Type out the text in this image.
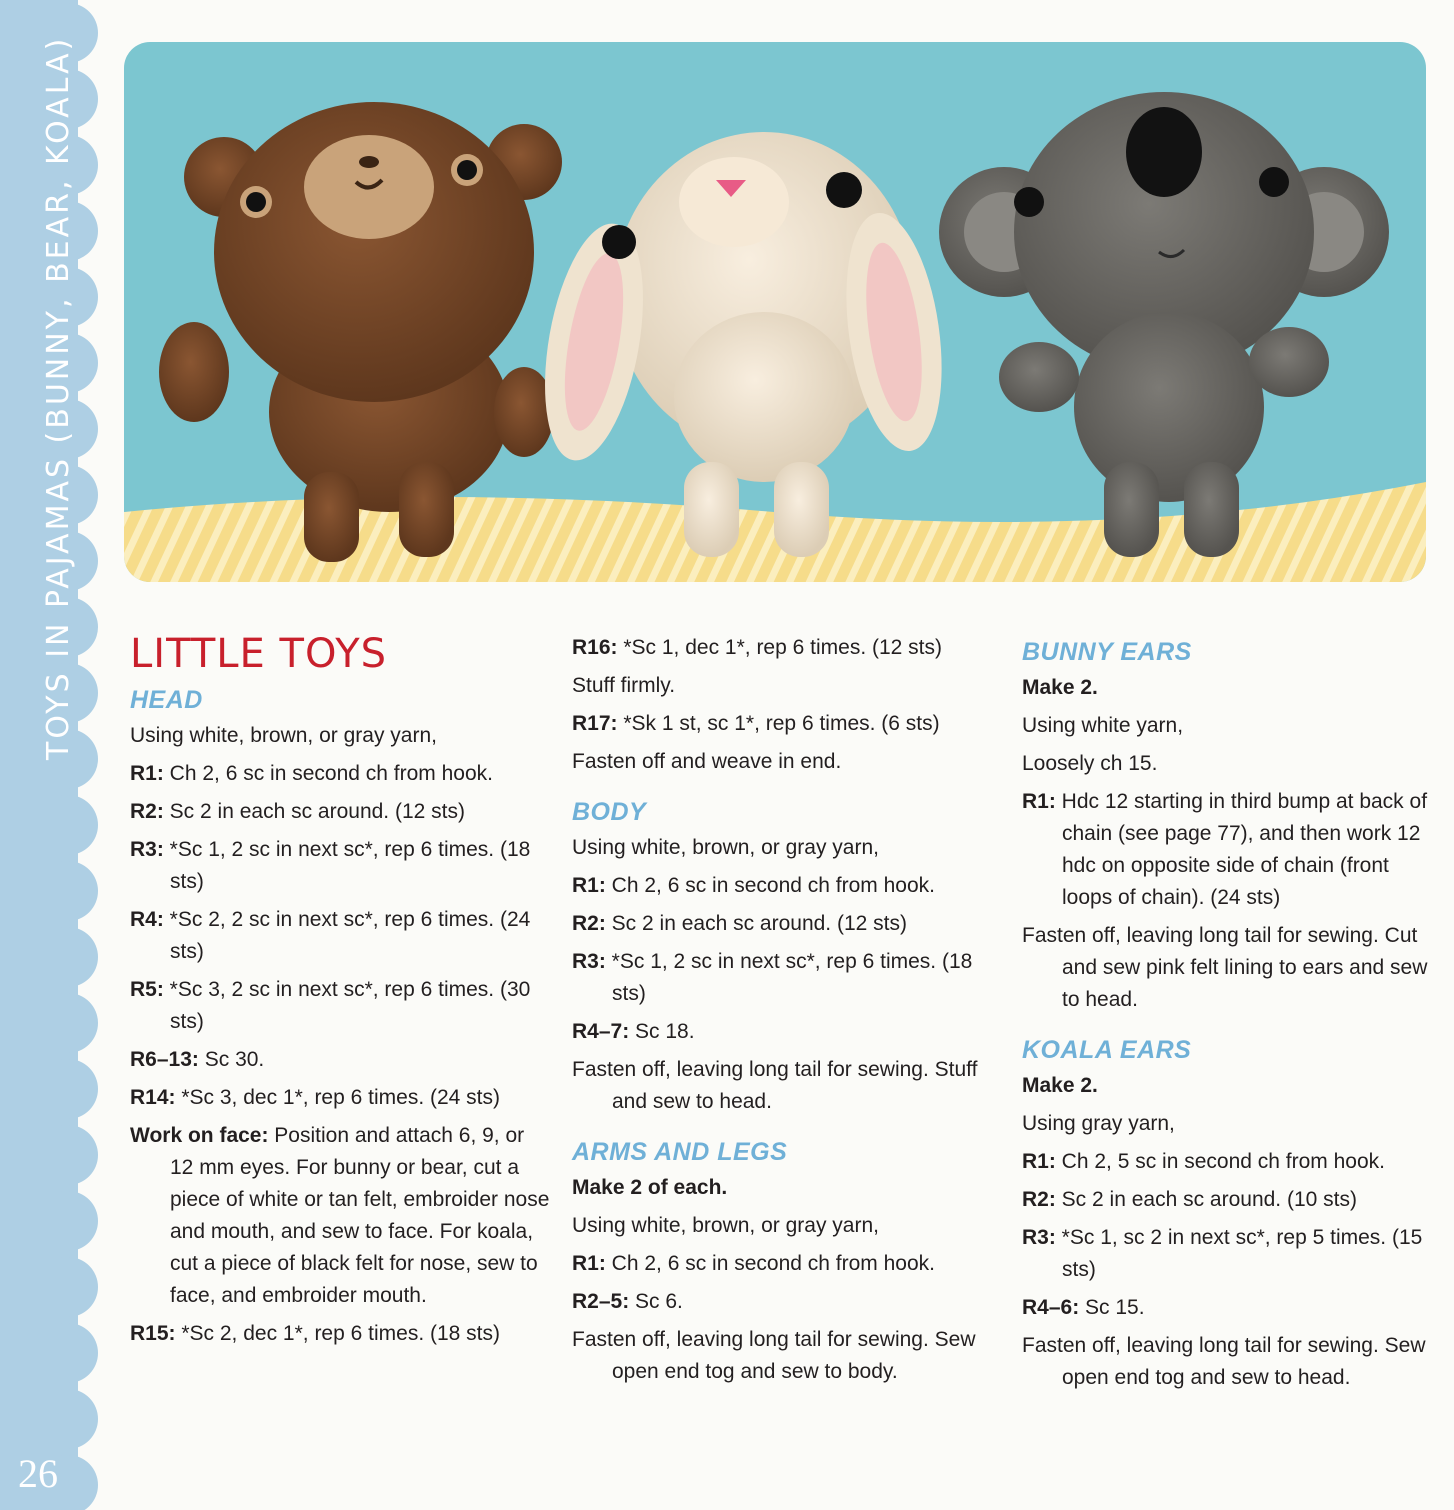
TOYS IN PAJAMAS (BUNNY, BEAR, KOALA)
26
LITTLE TOYS
HEAD
Using white, brown, or gray yarn,
R1: Ch 2, 6 sc in second ch from hook.
R2: Sc 2 in each sc around. (12 sts)
R3: *Sc 1, 2 sc in next sc*, rep 6 times. (18 sts)
R4: *Sc 2, 2 sc in next sc*, rep 6 times. (24 sts)
R5: *Sc 3, 2 sc in next sc*, rep 6 times. (30 sts)
R6–13: Sc 30.
R14: *Sc 3, dec 1*, rep 6 times. (24 sts)
Work on face: Position and attach 6, 9, or 12 mm eyes. For bunny or bear, cut a piece of white or tan felt, embroider nose and mouth, and sew to face. For koala, cut a piece of black felt for nose, sew to face, and embroider mouth.
R15: *Sc 2, dec 1*, rep 6 times. (18 sts)
R16: *Sc 1, dec 1*, rep 6 times. (12 sts)
Stuff firmly.
R17: *Sk 1 st, sc 1*, rep 6 times. (6 sts)
Fasten off and weave in end.
BODY
Using white, brown, or gray yarn,
R1: Ch 2, 6 sc in second ch from hook.
R2: Sc 2 in each sc around. (12 sts)
R3: *Sc 1, 2 sc in next sc*, rep 6 times. (18 sts)
R4–7: Sc 18.
Fasten off, leaving long tail for sewing. Stuff and sew to head.
ARMS AND LEGS
Make 2 of each.
Using white, brown, or gray yarn,
R1: Ch 2, 6 sc in second ch from hook.
R2–5: Sc 6.
Fasten off, leaving long tail for sewing. Sew open end tog and sew to body.
BUNNY EARS
Make 2.
Using white yarn,
Loosely ch 15.
R1: Hdc 12 starting in third bump at back of chain (see page 77), and then work 12 hdc on opposite side of chain (front loops of chain). (24 sts)
Fasten off, leaving long tail for sewing. Cut and sew pink felt lining to ears and sew to head.
KOALA EARS
Make 2.
Using gray yarn,
R1: Ch 2, 5 sc in second ch from hook.
R2: Sc 2 in each sc around. (10 sts)
R3: *Sc 1, sc 2 in next sc*, rep 5 times. (15 sts)
R4–6: Sc 15.
Fasten off, leaving long tail for sewing. Sew open end tog and sew to head.
